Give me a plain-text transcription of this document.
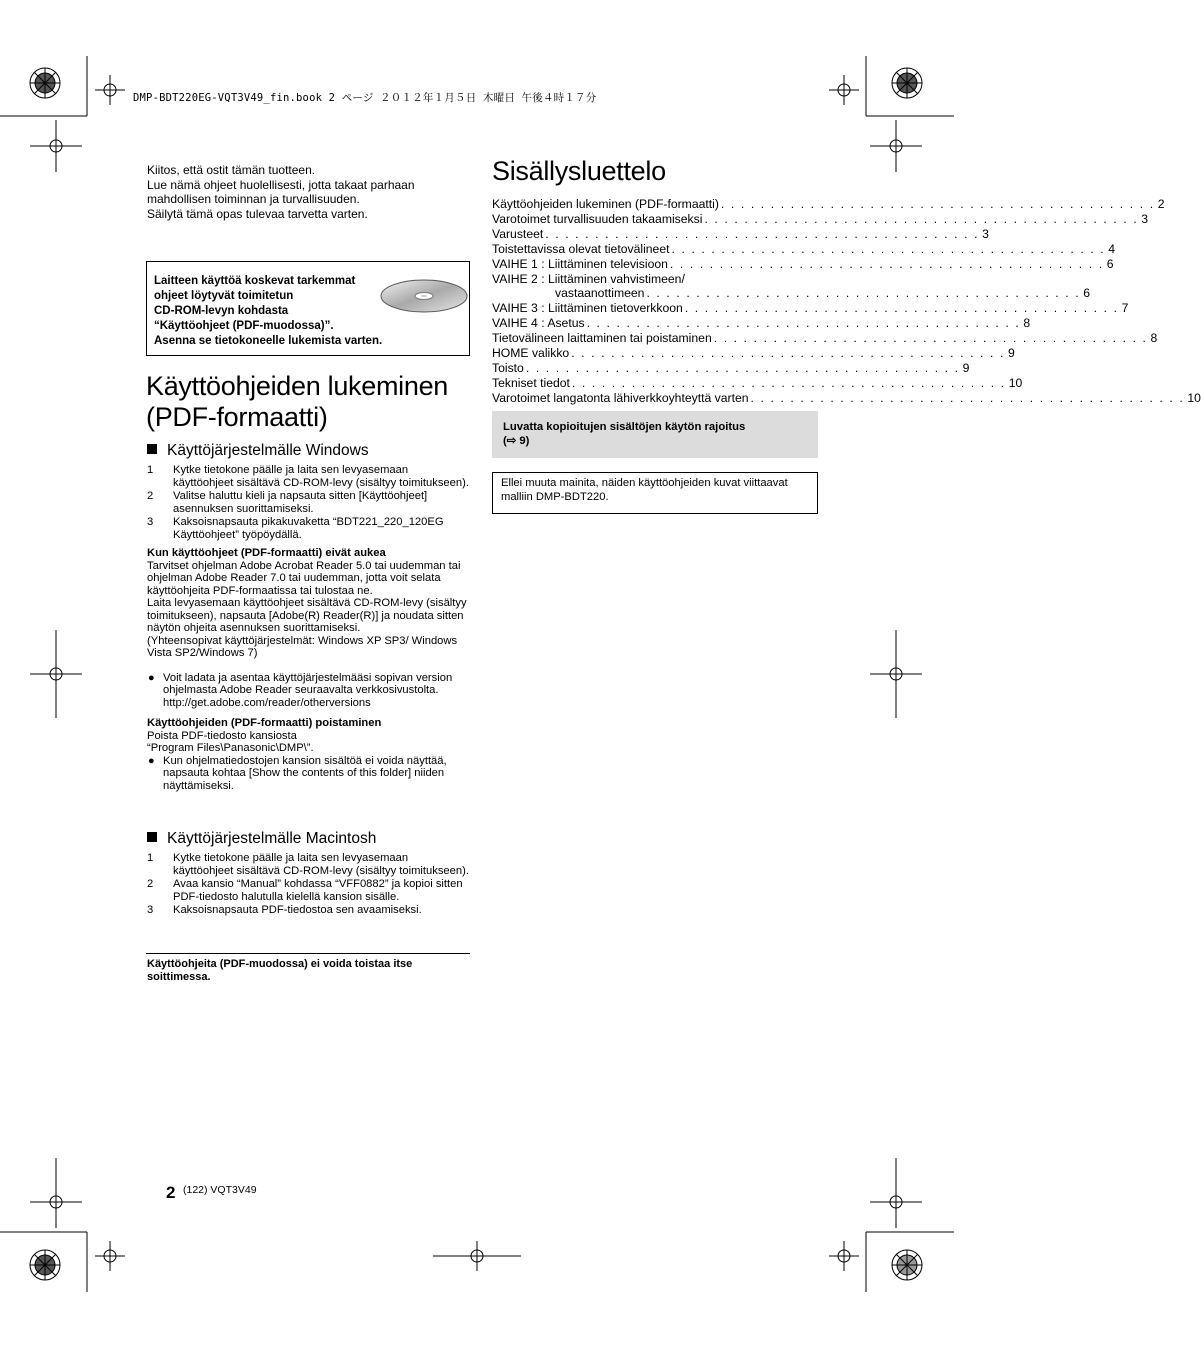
DMP-BDT220EG-VQT3V49_fin.book 2 ページ ２０１２年１月５日 木曜日 午後４時１７分
Kiitos, että ostit tämän tuotteen.
Lue nämä ohjeet huolellisesti, jotta takaat parhaan
mahdollisen toiminnan ja turvallisuuden.
Säilytä tämä opas tulevaa tarvetta varten.
Laitteen käyttöä koskevat tarkemmat
ohjeet löytyvät toimitetun
CD-ROM-levyn kohdasta
“Käyttöohjeet (PDF-muodossa)”.
Asenna se tietokoneelle lukemista varten.
Käyttöohjeiden lukeminen
(PDF-formaatti)
Käyttöjärjestelmälle Windows
1 Kytke tietokone päälle ja laita sen levyasemaan käyttöohjeet sisältävä CD-ROM-levy (sisältyy toimitukseen).
2 Valitse haluttu kieli ja napsauta sitten [Käyttöohjeet] asennuksen suorittamiseksi.
3 Kaksoisnapsauta pikakuvaketta “BDT221_220_120EG Käyttöohjeet” työpöydällä.
Kun käyttöohjeet (PDF-formaatti) eivät aukea
Tarvitset ohjelman Adobe Acrobat Reader 5.0 tai uudemman tai ohjelman Adobe Reader 7.0 tai uudemman, jotta voit selata käyttöohjeita PDF-formaatissa tai tulostaa ne.
Laita levyasemaan käyttöohjeet sisältävä CD-ROM-levy (sisältyy toimitukseen), napsauta [Adobe(R) Reader(R)] ja noudata sitten näytön ohjeita asennuksen suorittamiseksi.
(Yhteensopivat käyttöjärjestelmät: Windows XP SP3/ Windows Vista SP2/Windows 7)
● Voit ladata ja asentaa käyttöjärjestelmääsi sopivan version ohjelmasta Adobe Reader seuraavalta verkkosivustolta.
http://get.adobe.com/reader/otherversions
Käyttöohjeiden (PDF-formaatti) poistaminen
Poista PDF-tiedosto kansiosta
“Program Files\Panasonic\DMP\”.
● Kun ohjelmatiedostojen kansion sisältöä ei voida näyttää, napsauta kohtaa [Show the contents of this folder] niiden näyttämiseksi.
Käyttöjärjestelmälle Macintosh
1 Kytke tietokone päälle ja laita sen levyasemaan käyttöohjeet sisältävä CD-ROM-levy (sisältyy toimitukseen).
2 Avaa kansio “Manual” kohdassa “VFF0882” ja kopioi sitten PDF-tiedosto halutulla kielellä kansion sisälle.
3 Kaksoisnapsauta PDF-tiedostoa sen avaamiseksi.
Käyttöohjeita (PDF-muodossa) ei voida toistaa itse soittimessa.
Sisällysluettelo
Käyttöohjeiden lukeminen (PDF-formaatti) . . . . . . . . . . . . . . . . . . . . . . . . . . . . . . . . . . . . . . . . . . . . 2
Varotoimet turvallisuuden takaamiseksi . . . . . . . . . . . . . . . . . . . . . . . . . . . . . . . . . . . . . . . . . . . . 3
Varusteet . . . . . . . . . . . . . . . . . . . . . . . . . . . . . . . . . . . . . . . . . . . . 3
Toistettavissa olevat tietovälineet . . . . . . . . . . . . . . . . . . . . . . . . . . . . . . . . . . . . . . . . . . . . 4
VAIHE 1 : Liittäminen televisioon . . . . . . . . . . . . . . . . . . . . . . . . . . . . . . . . . . . . . . . . . . . . 6
VAIHE 2 : Liittäminen vahvistimeen/
vastaanottimeen . . . . . . . . . . . . . . . . . . . . . . . . . . . . . . . . . . . . . . . . . . . . 6
VAIHE 3 : Liittäminen tietoverkkoon . . . . . . . . . . . . . . . . . . . . . . . . . . . . . . . . . . . . . . . . . . . . 7
VAIHE 4 : Asetus . . . . . . . . . . . . . . . . . . . . . . . . . . . . . . . . . . . . . . . . . . . . 8
Tietovälineen laittaminen tai poistaminen . . . . . . . . . . . . . . . . . . . . . . . . . . . . . . . . . . . . . . . . . . . . 8
HOME valikko . . . . . . . . . . . . . . . . . . . . . . . . . . . . . . . . . . . . . . . . . . . . 9
Toisto . . . . . . . . . . . . . . . . . . . . . . . . . . . . . . . . . . . . . . . . . . . . 9
Tekniset tiedot . . . . . . . . . . . . . . . . . . . . . . . . . . . . . . . . . . . . . . . . . . . . 10
Varotoimet langatonta lähiverkkoyhteyttä varten . . . . . . . . . . . . . . . . . . . . . . . . . . . . . . . . . . . . . . . . . . . . 10
Luvatta kopioitujen sisältöjen käytön rajoitus
(⇨ 9)
Ellei muuta mainita, näiden käyttöohjeiden kuvat viittaavat malliin DMP-BDT220.
2 (122) VQT3V49
